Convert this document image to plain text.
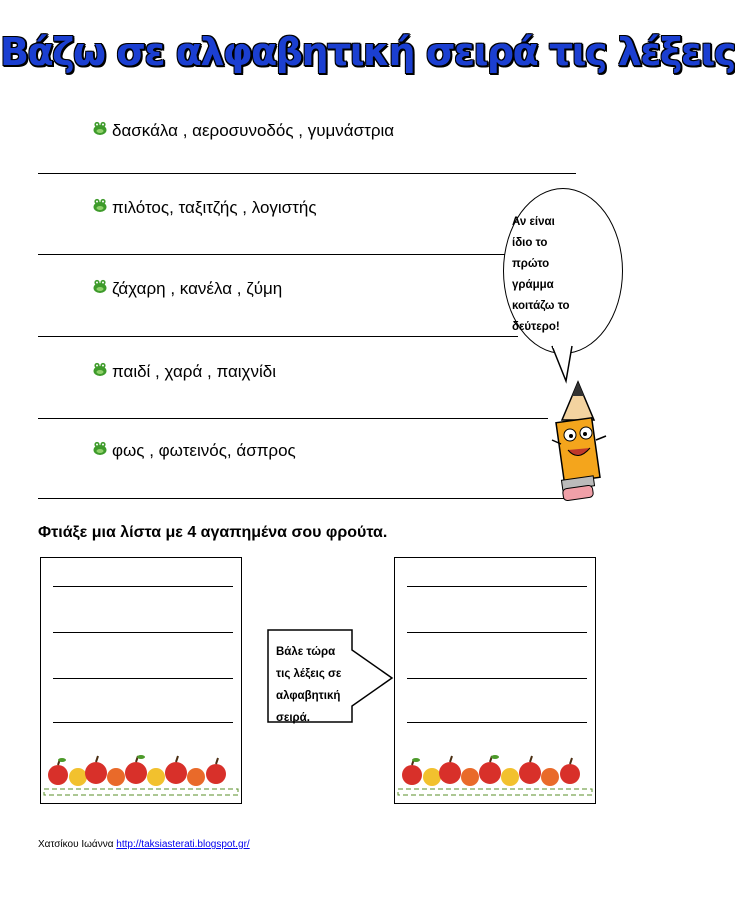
Βάζω σε αλφαβητική σειρά τις λέξεις
δασκάλα , αεροσυνοδός , γυμνάστρια
πιλότος, ταξιτζής , λογιστής
ζάχαρη , κανέλα , ζύμη
παιδί , χαρά , παιχνίδι
φως , φωτεινός, άσπρος
Αν είναι
ίδιο το
πρώτο
γράμμα
κοιτάζω το
δεύτερο!
Φτιάξε μια λίστα με 4 αγαπημένα σου φρούτα.
Βάλε τώρα
τις λέξεις σε
αλφαβητική
σειρά.
Χατσίκου Ιωάννα http://taksiasterati.blogspot.gr/
